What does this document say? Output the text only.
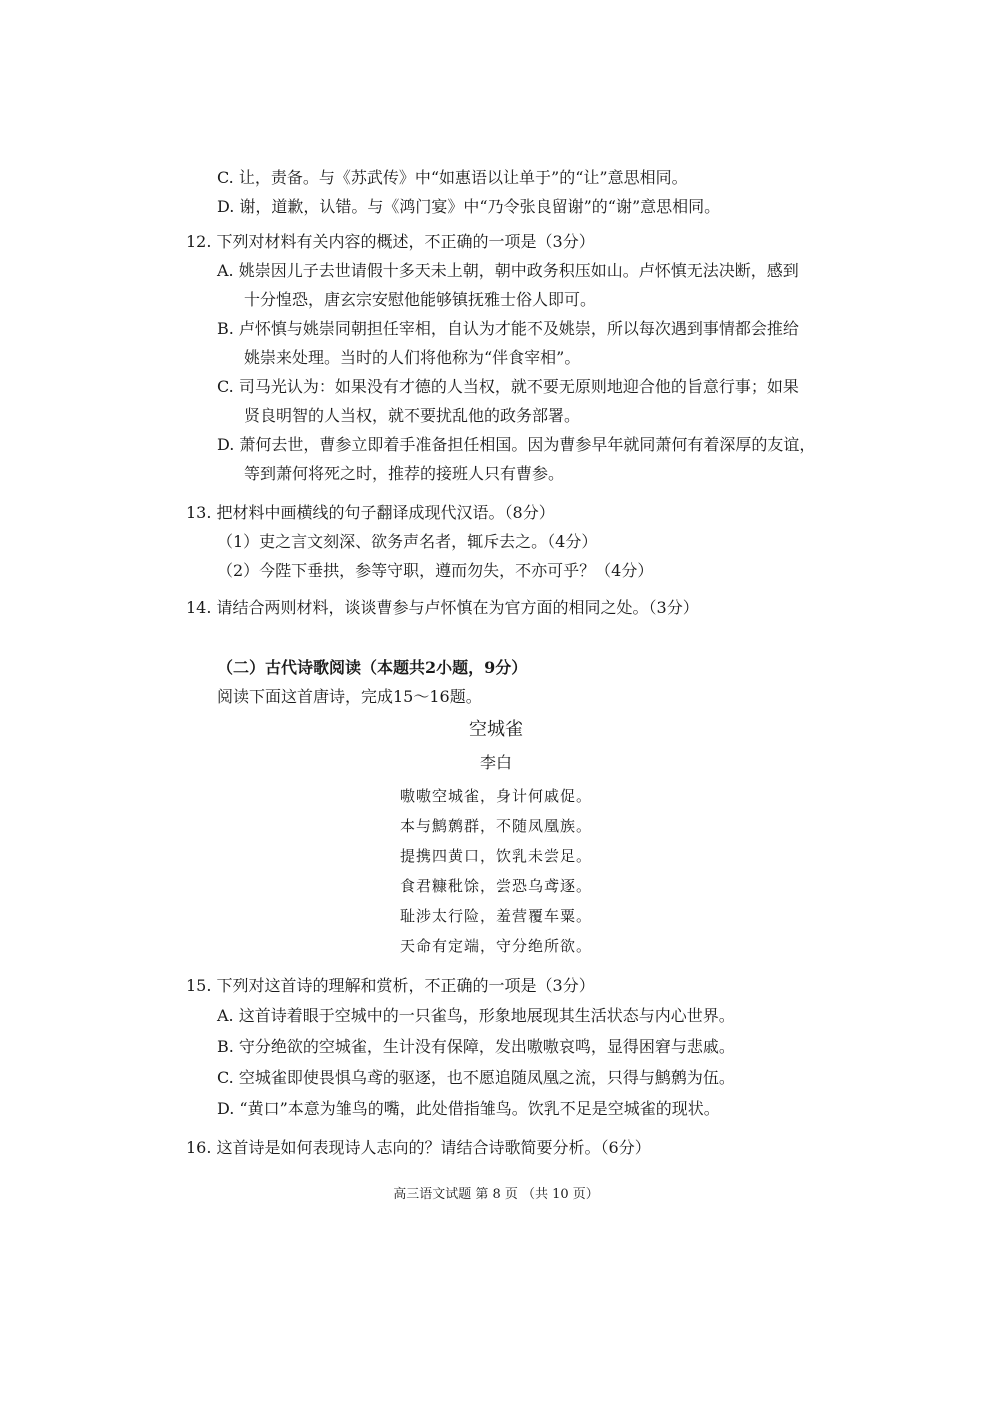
C. 让，责备。与《苏武传》中“如惠语以让单于”的“让”意思相同。
D. 谢，道歉，认错。与《鸿门宴》中“乃令张良留谢”的“谢”意思相同。
12. 下列对材料有关内容的概述，不正确的一项是（3分）
A. 姚崇因儿子去世请假十多天未上朝，朝中政务积压如山。卢怀慎无法决断，感到
十分惶恐，唐玄宗安慰他能够镇抚雅士俗人即可。
B. 卢怀慎与姚崇同朝担任宰相，自认为才能不及姚崇，所以每次遇到事情都会推给
姚崇来处理。当时的人们将他称为“伴食宰相”。
C. 司马光认为：如果没有才德的人当权，就不要无原则地迎合他的旨意行事；如果
贤良明智的人当权，就不要扰乱他的政务部署。
D. 萧何去世，曹参立即着手准备担任相国。因为曹参早年就同萧何有着深厚的友谊，
等到萧何将死之时，推荐的接班人只有曹参。
13. 把材料中画横线的句子翻译成现代汉语。（8分）
（1）吏之言文刻深、欲务声名者，辄斥去之。（4分）
（2）今陛下垂拱，参等守职，遵而勿失，不亦可乎？（4分）
14. 请结合两则材料，谈谈曹参与卢怀慎在为官方面的相同之处。（3分）
（二）古代诗歌阅读（本题共2小题，9分）
阅读下面这首唐诗，完成15～16题。
空城雀
李白
嗷嗷空城雀，身计何戚促。
本与鹪鹩群，不随凤凰族。
提携四黄口，饮乳未尝足。
食君糠秕馀，尝恐乌鸢逐。
耻涉太行险，羞营覆车粟。
天命有定端，守分绝所欲。
15. 下列对这首诗的理解和赏析，不正确的一项是（3分）
A. 这首诗着眼于空城中的一只雀鸟，形象地展现其生活状态与内心世界。
B. 守分绝欲的空城雀，生计没有保障，发出嗷嗷哀鸣，显得困窘与悲戚。
C. 空城雀即使畏惧乌鸢的驱逐，也不愿追随凤凰之流，只得与鹪鹩为伍。
D. “黄口”本意为雏鸟的嘴，此处借指雏鸟。饮乳不足是空城雀的现状。
16. 这首诗是如何表现诗人志向的？请结合诗歌简要分析。（6分）
高三语文试题 第 8 页 （共 10 页）
